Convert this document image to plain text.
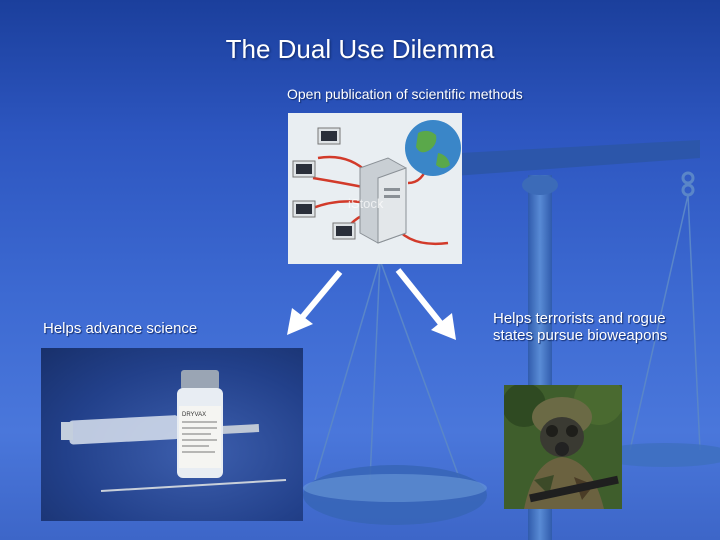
The Dual Use Dilemma
Open publication of scientific methods
iStock
Helps advance science
Helps terrorists and rogue states pursue bioweapons
DRYVAX
